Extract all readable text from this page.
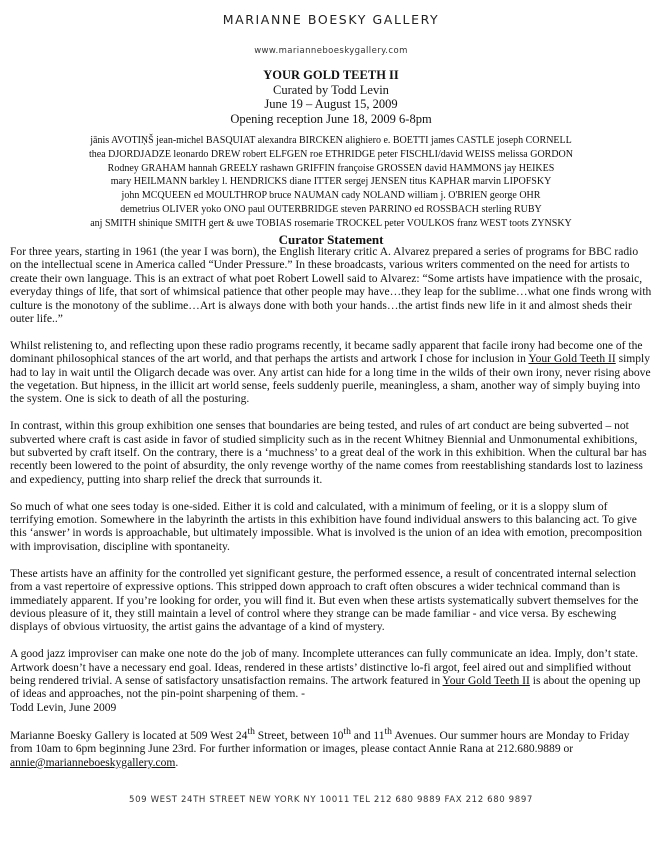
MARIANNE BOESKY GALLERY
www.marianneboeskygallery.com
YOUR GOLD TEETH II
Curated by Todd Levin
June 19 – August 15, 2009
Opening reception June 18, 2009 6-8pm
jānis AVOTIŅŠ jean-michel BASQUIAT alexandra BIRCKEN alighiero e. BOETTI james CASTLE joseph CORNELL
thea DJORDJADZE leonardo DREW robert ELFGEN roe ETHRIDGE peter FISCHLI/david WEISS melissa GORDON
Rodney GRAHAM hannah GREELY rashawn GRIFFIN françoise GROSSEN david HAMMONS jay HEIKES
mary HEILMANN barkley l. HENDRICKS diane ITTER sergej JENSEN titus KAPHAR marvin LIPOFSKY
john MCQUEEN ed MOULTHROP bruce NAUMAN cady NOLAND william j. O'BRIEN george OHR
demetrius OLIVER yoko ONO paul OUTERBRIDGE steven PARRINO ed ROSSBACH sterling RUBY
anj SMITH shinique SMITH gert & uwe TOBIAS rosemarie TROCKEL peter VOULKOS franz WEST toots ZYNSKY
Curator Statement

For three years, starting in 1961 (the year I was born), the English literary critic A. Alvarez prepared a series of programs for BBC radio on the intellectual scene in America called “Under Pressure.” In these broadcasts, various writers commented on the need for artists to create their own language. This is an extract of what poet Robert Lowell said to Alvarez: “Some artists have impatience with the prosaic, everyday things of life, that sort of whimsical patience that other people may have…they leap for the sublime…what one finds wrong with culture is the monotony of the sublime…Art is always done with both your hands…the artist finds new life in it and almost sheds their outer life..”

Whilst relistening to, and reflecting upon these radio programs recently, it became sadly apparent that facile irony had become one of the dominant philosophical stances of the art world, and that perhaps the artists and artwork I chose for inclusion in Your Gold Teeth II simply had to lay in wait until the Oligarch decade was over. Any artist can hide for a long time in the wilds of their own irony, never rising above the vegetation. But hipness, in the illicit art world sense, feels suddenly puerile, meaningless, a sham, another way of simply buying into the system. One is sick to death of all the posturing.

In contrast, within this group exhibition one senses that boundaries are being tested, and rules of art conduct are being subverted – not subverted where craft is cast aside in favor of studied simplicity such as in the recent Whitney Biennial and Unmonumental exhibitions, but subverted by craft itself. On the contrary, there is a ‘muchness’ to a great deal of the work in this exhibition. When the cultural bar has recently been lowered to the point of absurdity, the only revenge worthy of the name comes from reestablishing standards lost to laziness and expediency, putting into sharp relief the dreck that surrounds it.

So much of what one sees today is one-sided. Either it is cold and calculated, with a minimum of feeling, or it is a sloppy slum of terrifying emotion. Somewhere in the labyrinth the artists in this exhibition have found individual answers to this balancing act. To give this ‘answer’ in words is approachable, but ultimately impossible. What is involved is the union of an idea with emotion, precomposition with improvisation, discipline with spontaneity.

These artists have an affinity for the controlled yet significant gesture, the performed essence, a result of concentrated internal selection from a vast repertoire of expressive options. This stripped down approach to craft often obscures a wider technical command than is immediately apparent. If you’re looking for order, you will find it. But even when these artists systematically subvert themselves for the devious pleasure of it, they still maintain a level of control where they strange can be made familiar - and vice versa. By eschewing displays of obvious virtuosity, the artist gains the advantage of a kind of mystery.

A good jazz improviser can make one note do the job of many. Incomplete utterances can fully communicate an idea. Imply, don’t state. Artwork doesn’t have a necessary end goal. Ideas, rendered in these artists’ distinctive lo-fi argot, feel aired out and simplified without being rendered trivial. A sense of satisfactory unsatisfaction remains. The artwork featured in Your Gold Teeth II is about the opening up of ideas and approaches, not the pin-point sharpening of them. -
Todd Levin, June 2009

Marianne Boesky Gallery is located at 509 West 24th Street, between 10th and 11th Avenues. Our summer hours are Monday to Friday from 10am to 6pm beginning June 23rd. For further information or images, please contact Annie Rana at 212.680.9889 or annie@marianneboeskygallery.com.

509 WEST 24TH STREET NEW YORK NY 10011 TEL 212 680 9889 FAX 212 680 9897
